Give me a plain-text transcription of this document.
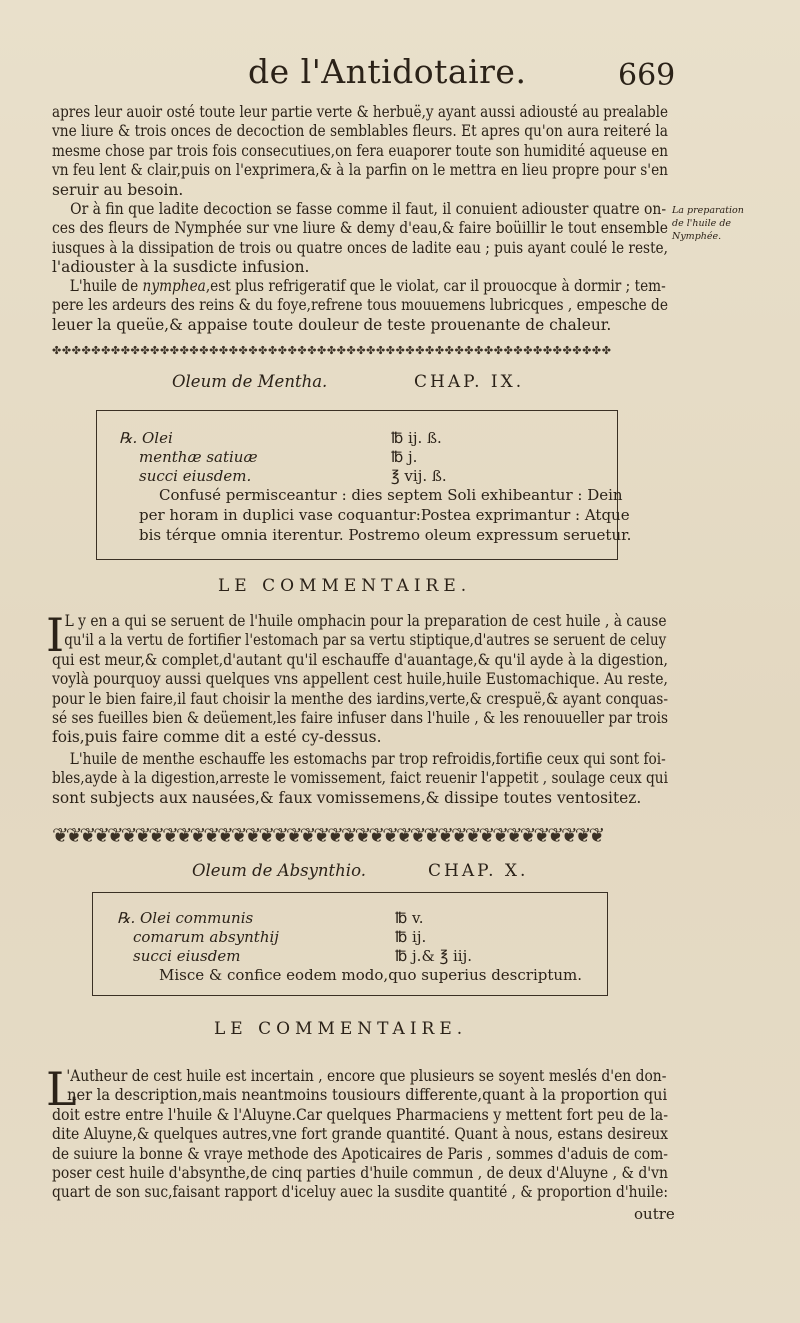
de l'Antidotaire.	669
apres leur auoir osté toute leur partie verte & herbuë,y ayant aussi adiousté au prealable
vne liure & trois onces de decoction de semblables fleurs. Et apres qu'on aura reiteré la
mesme chose par trois fois consecutiues,on fera euaporer toute son humidité aqueuse en
vn feu lent & clair,puis on l'exprimera,& à la parfin on le mettra en lieu propre pour s'en
seruir au besoin.
Or à fin que ladite decoction se fasse comme il faut, il conuient adiouster quatre on-
ces des fleurs de Nymphée sur vne liure & demy d'eau,& faire boüillir le tout ensemble
iusques à la dissipation de trois ou quatre onces de ladite eau ; puis ayant coulé le reste,
l'adiouster à la susdicte infusion.
La preparation
de l'huile de
Nymphée.
L'huile de nymphea,est plus refrigeratif que le violat, car il prouocque à dormir ; tem-
pere les ardeurs des reins & du foye,refrene tous mouuemens lubricques , empesche de
leuer la queüe,& appaise toute douleur de teste prouenante de chaleur.
✤✤✤✤✤✤✤✤✤✤✤✤✤✤✤✤✤✤✤✤✤✤✤✤✤✤✤✤✤✤✤✤✤✤✤✤✤✤✤✤✤✤✤✤✤✤✤✤✤✤✤✤✤✤✤✤✤
Oleum de Mentha.	CHAP. IX.
℞. Olei	℔ ij. ß.
menthæ satiuæ	℔ j.
succi eiusdem.	℥ vij. ß.
Confusé permisceantur : dies septem Soli exhibeantur : Dein
per horam in duplici vase coquantur:Postea exprimantur : Atque
bis térque omnia iterentur. Postremo oleum expressum seruetur.
LE COMMENTAIRE.
I L y en a qui se seruent de l'huile omphacin pour la preparation de cest huile , à cause
qu'il a la vertu de fortifier l'estomach par sa vertu stiptique,d'autres se seruent de celuy
qui est meur,& complet,d'autant qu'il eschauffe d'auantage,& qu'il ayde à la digestion,
voylà pourquoy aussi quelques vns appellent cest huile,huile Eustomachique. Au reste,
pour le bien faire,il faut choisir la menthe des iardins,verte,& crespuë,& ayant conquas-
sé ses fueilles bien & deüement,les faire infuser dans l'huile , & les renouueller par trois
fois,puis faire comme dit a esté cy-dessus.
L'huile de menthe eschauffe les estomachs par trop refroidis,fortifie ceux qui sont foi-
bles,ayde à la digestion,arreste le vomissement, faict reuenir l'appetit , soulage ceux qui
sont subjects aux nausées,& faux vomissemens,& dissipe toutes ventositez.
❦❦❦❦❦❦❦❦❦❦❦❦❦❦❦❦❦❦❦❦❦❦❦❦❦❦❦❦❦❦❦❦❦❦❦❦❦❦❦❦
Oleum de Absynthio.	CHAP. X.
℞. Olei communis	℔ v.
comarum absynthij	℔ ij.
succi eiusdem	℔ j.& ℥ iij.
Misce & confice eodem modo,quo superius descriptum.
LE COMMENTAIRE.
L
'Autheur de cest huile est incertain , encore que plusieurs se soyent meslés d'en don-
ner la description,mais neantmoins tousiours differente,quant à la proportion qui
doit estre entre l'huile & l'Aluyne.Car quelques Pharmaciens y mettent fort peu de la-
dite Aluyne,& quelques autres,vne fort grande quantité. Quant à nous, estans desireux
de suiure la bonne & vraye methode des Apoticaires de Paris , sommes d'aduis de com-
poser cest huile d'absynthe,de cinq parties d'huile commun , de deux d'Aluyne , & d'vn
quart de son suc,faisant rapport d'iceluy auec la susdite quantité , & proportion d'huile:
outre
